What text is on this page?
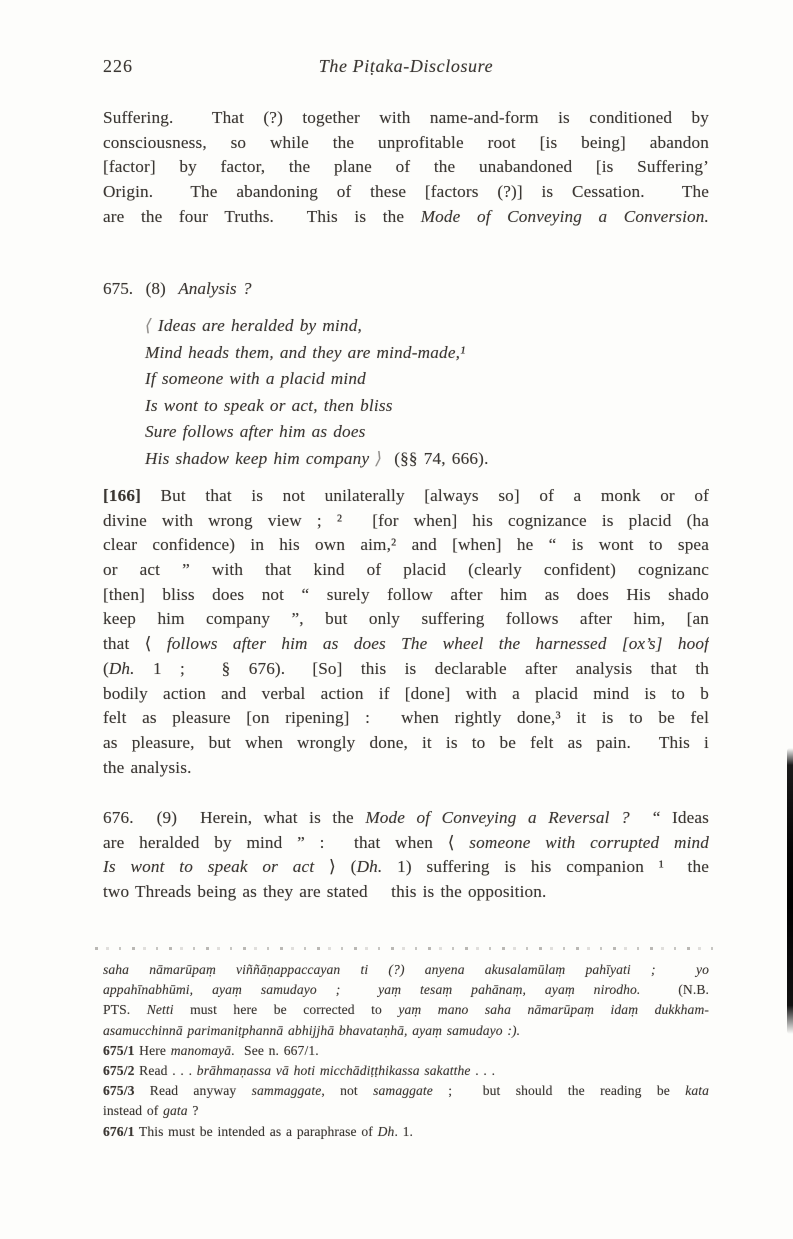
226	The Piṭaka-Disclosure
Suffering.  That (?) together with name-and-form is conditioned by
consciousness, so while the unprofitable root [is being] abandon
[factor] by factor, the plane of the unabandoned [is Suffering’
Origin.  The abandoning of these [factors (?)] is Cessation.  The
are the four Truths.  This is the Mode of Conveying a Conversion.
675.  (8)  Analysis ?
⟨ Ideas are heralded by mind,
Mind heads them, and they are mind-made,¹
If someone with a placid mind
Is wont to speak or act, then bliss
Sure follows after him as does
His shadow keep him company ⟩  (§§ 74, 666).
[166] But that is not unilaterally [always so] of a monk or of
divine with wrong view ; ²  [for when] his cognizance is placid (ha
clear confidence) in his own aim,² and [when] he “ is wont to spea
or act ” with that kind of placid (clearly confident) cognizanc
[then] bliss does not “ surely follow after him as does His shado
keep him company ”, but only suffering follows after him, [an
that ⟨ follows after him as does The wheel the harnessed [ox’s] hoof
(Dh. 1 ;  § 676).  [So] this is declarable after analysis that th
bodily action and verbal action if [done] with a placid mind is to b
felt as pleasure [on ripening] :  when rightly done,³ it is to be fel
as pleasure, but when wrongly done, it is to be felt as pain.  This i
the analysis.
676.  (9)  Herein, what is the Mode of Conveying a Reversal ?  “ Ideas
are heralded by mind ” :  that when ⟨ someone with corrupted mind
Is wont to speak or act ⟩ (Dh. 1) suffering is his companion ¹  the
two Threads being as they are stated  this is the opposition.
saha nāmarūpaṃ viññāṇappaccayan ti (?) anyena akusalamūlaṃ pahīyati ;  yo
appahīnabhūmi, ayaṃ samudayo ;  yaṃ tesaṃ pahānaṃ, ayaṃ nirodho.  (N.B.
PTS. Netti must here be corrected to yaṃ mano saha nāmarūpaṃ idaṃ dukkham-
asamucchinnā parimaniṭphannā abhijjhā bhavataṇhā, ayaṃ samudayo :).
675/1 Here manomayā.  See n. 667/1.
675/2 Read . . . brāhmaṇassa vā hoti micchādiṭṭhikassa sakatthe . . .
675/3 Read anyway sammaggate, not samaggate ;  but should the reading be kata
instead of gata ?
676/1 This must be intended as a paraphrase of Dh. 1.
